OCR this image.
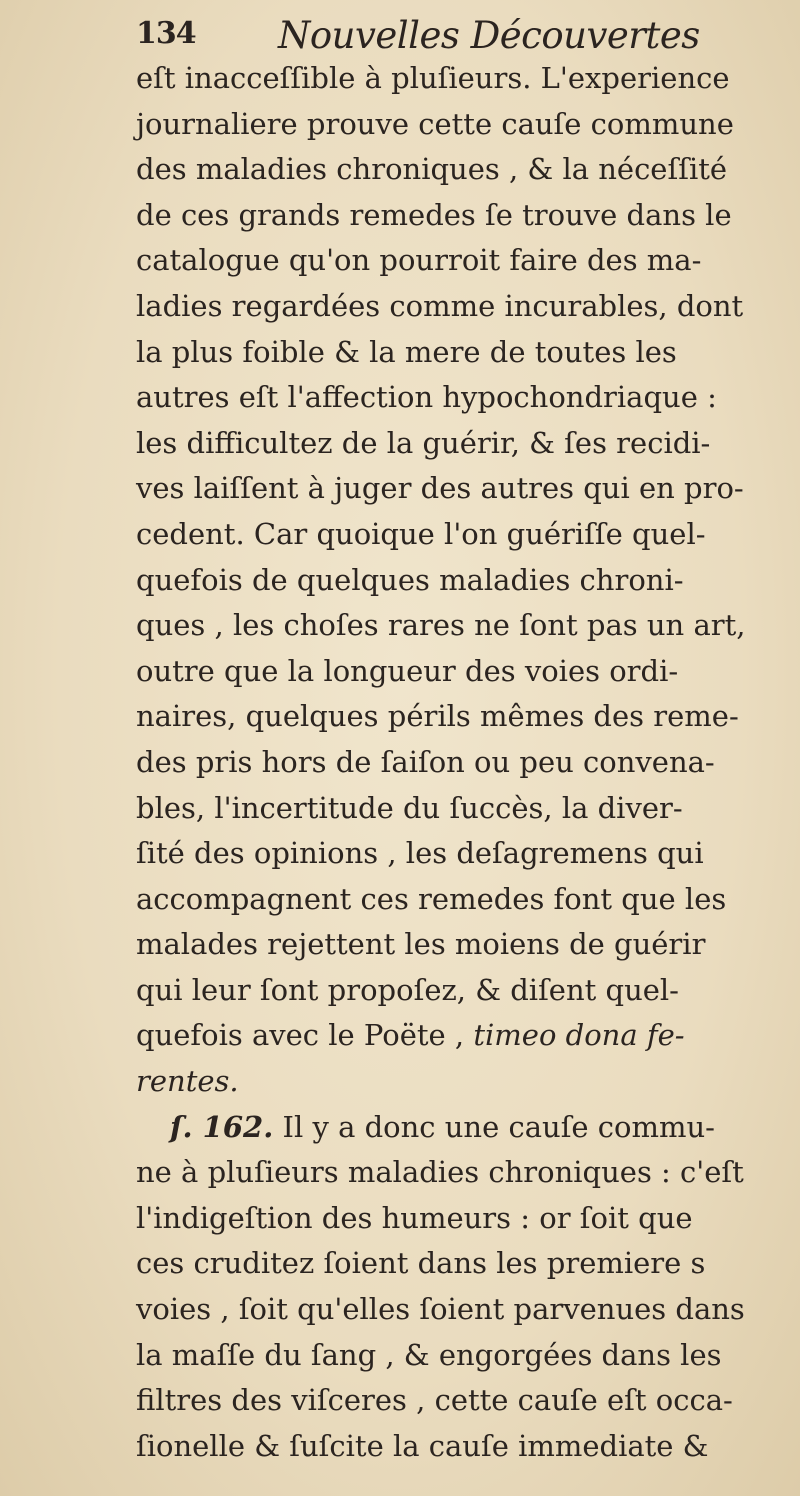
134 Nouvelles Découvertes
eſt inacceſſible à pluſieurs. L'experience
journaliere prouve cette cauſe commune
des maladies chroniques , & la néceſſité
de ces grands remedes ſe trouve dans le
catalogue qu'on pourroit faire des ma-
ladies regardées comme incurables, dont
la plus foible & la mere de toutes les
autres eſt l'affection hypochondriaque :
les difficultez de la guérir, & ſes recidi-
ves laiſſent à juger des autres qui en pro-
cedent. Car quoique l'on guériſſe quel-
quefois de quelques maladies chroni-
ques , les choſes rares ne ſont pas un art,
outre que la longueur des voies ordi-
naires, quelques périls mêmes des reme-
des pris hors de ſaiſon ou peu convena-
bles, l'incertitude du ſuccès, la diver-
ſité des opinions , les deſagremens qui
accompagnent ces remedes font que les
malades rejettent les moiens de guérir
qui leur ſont propoſez, & diſent quel-
quefois avec le Poëte , timeo dona fe-
rentes.
ſ. 162. Il y a donc une cauſe commu-
ne à pluſieurs maladies chroniques : c'eſt
l'indigeſtion des humeurs : or ſoit que
ces cruditez ſoient dans les premiere s
voies , ſoit qu'elles ſoient parvenues dans
la maſſe du ſang , & engorgées dans les
filtres des viſceres , cette cauſe eſt occa-
ſionelle & ſuſcite la cauſe immediate &
